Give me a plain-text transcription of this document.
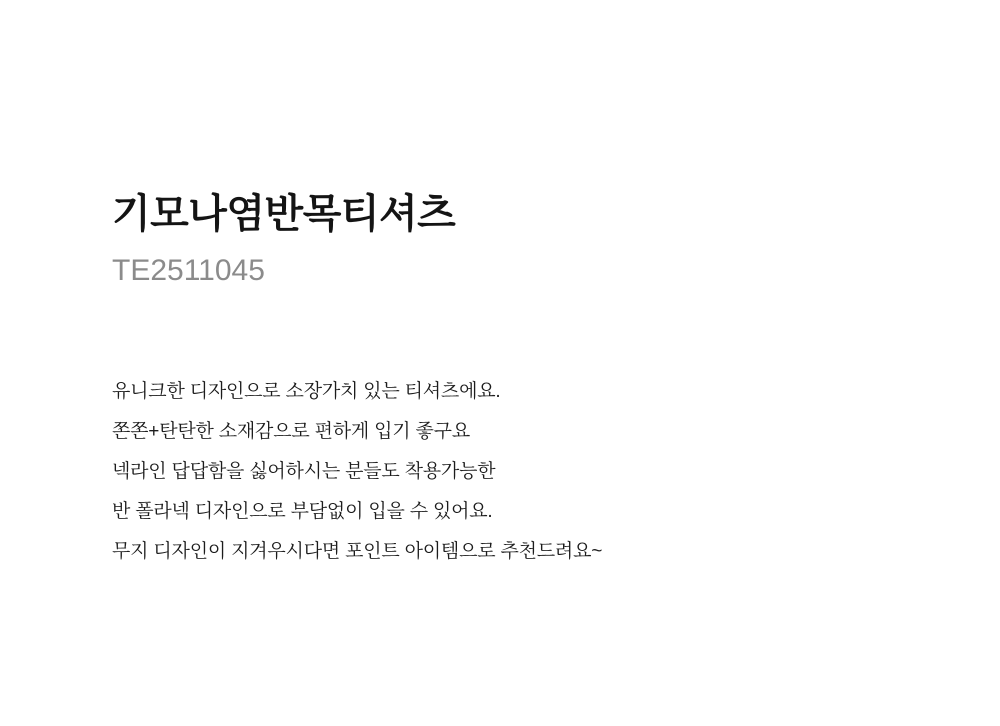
기모나염반목티셔츠
TE2511045
유니크한 디자인으로 소장가치 있는 티셔츠에요.
쫀쫀+탄탄한 소재감으로 편하게 입기 좋구요
넥라인 답답함을 싫어하시는 분들도 착용가능한
반 폴라넥 디자인으로 부담없이 입을 수 있어요.
무지 디자인이 지겨우시다면 포인트 아이템으로 추천드려요~
